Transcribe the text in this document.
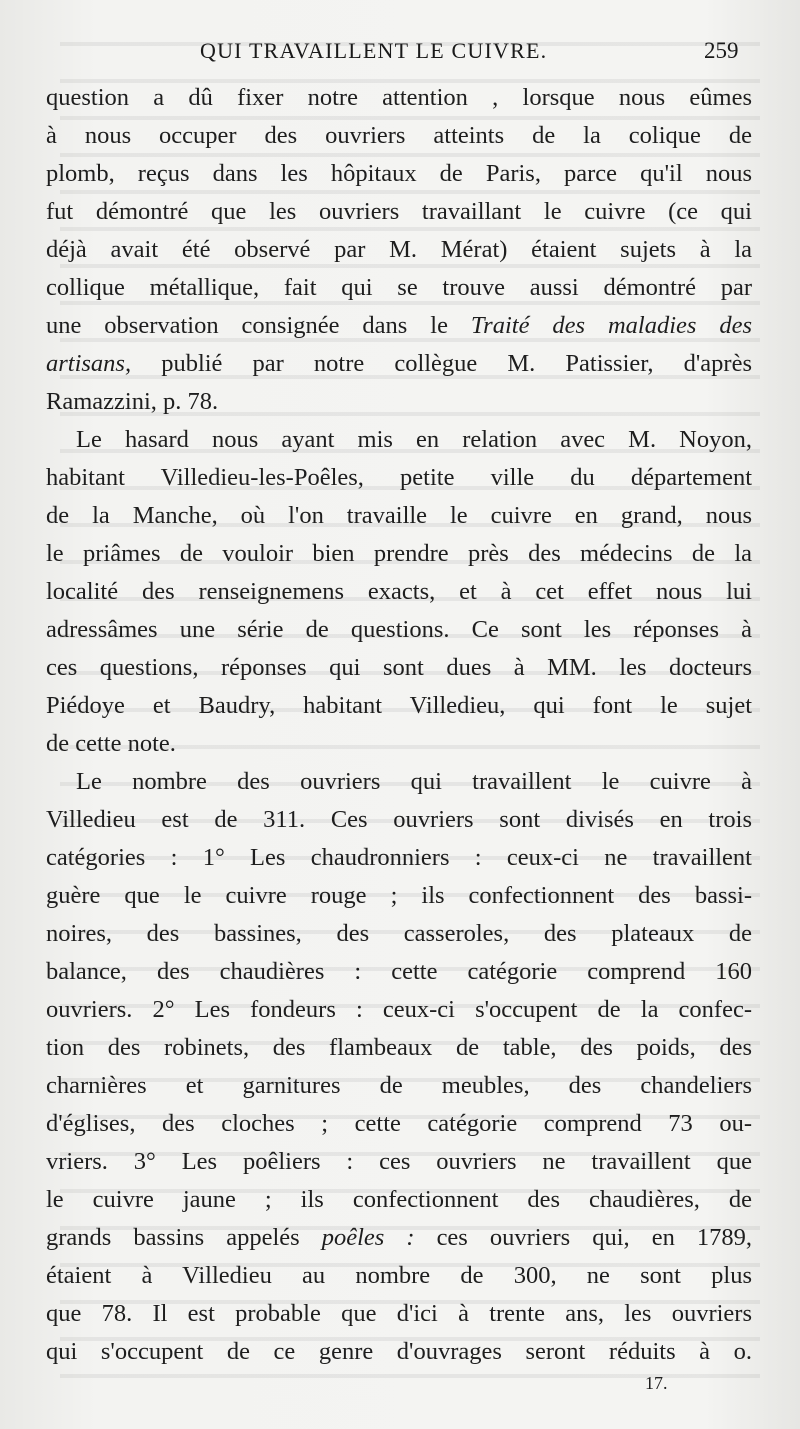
QUI TRAVAILLENT LE CUIVRE.	259
question a dû fixer notre attention , lorsque nous eûmes
à nous occuper des ouvriers atteints de la colique de
plomb, reçus dans les hôpitaux de Paris, parce qu'il nous
fut démontré que les ouvriers travaillant le cuivre (ce qui
déjà avait été observé par M. Mérat) étaient sujets à la
collique métallique, fait qui se trouve aussi démontré par
une observation consignée dans le Traité des maladies des
artisans, publié par notre collègue M. Patissier, d'après
Ramazzini, p. 78.
Le hasard nous ayant mis en relation avec M. Noyon,
habitant Villedieu-les-Poêles, petite ville du département
de la Manche, où l'on travaille le cuivre en grand, nous
le priâmes de vouloir bien prendre près des médecins de la
localité des renseignemens exacts, et à cet effet nous lui
adressâmes une série de questions. Ce sont les réponses à
ces questions, réponses qui sont dues à MM. les docteurs
Piédoye et Baudry, habitant Villedieu, qui font le sujet
de cette note.
Le nombre des ouvriers qui travaillent le cuivre à
Villedieu est de 311. Ces ouvriers sont divisés en trois
catégories : 1° Les chaudronniers : ceux-ci ne travaillent
guère que le cuivre rouge ; ils confectionnent des bassi-
noires, des bassines, des casseroles, des plateaux de
balance, des chaudières : cette catégorie comprend 160
ouvriers. 2° Les fondeurs : ceux-ci s'occupent de la confec-
tion des robinets, des flambeaux de table, des poids, des
charnières et garnitures de meubles, des chandeliers
d'églises, des cloches ; cette catégorie comprend 73 ou-
vriers. 3° Les poêliers : ces ouvriers ne travaillent que
le cuivre jaune ; ils confectionnent des chaudières, de
grands bassins appelés poêles : ces ouvriers qui, en 1789,
étaient à Villedieu au nombre de 300, ne sont plus
que 78. Il est probable que d'ici à trente ans, les ouvriers
qui s'occupent de ce genre d'ouvrages seront réduits à o.
17.
